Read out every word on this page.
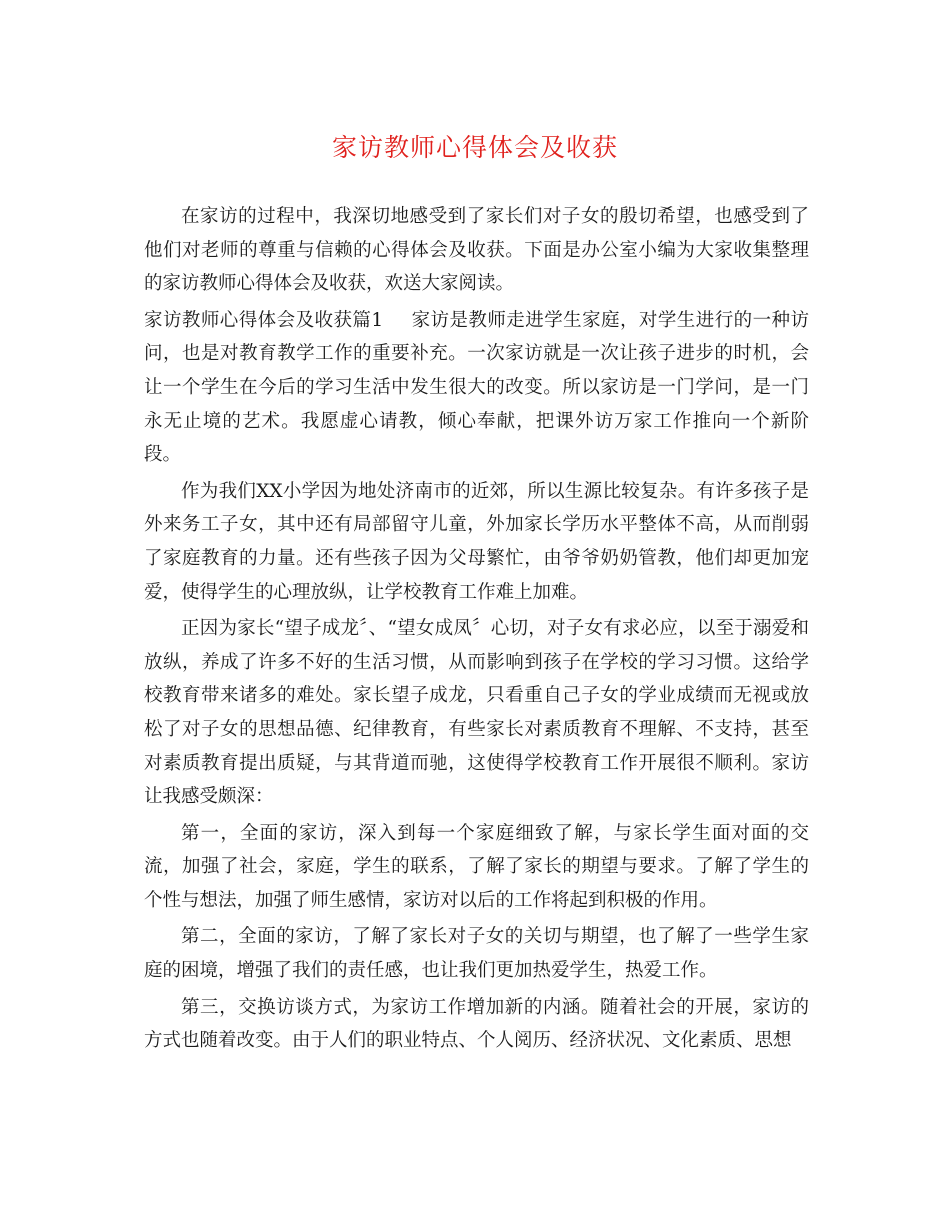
家访教师心得体会及收获

在家访的过程中，我深切地感受到了家长们对子女的殷切希望，也感受到了他们对老师的尊重与信赖的心得体会及收获。下面是办公室小编为大家收集整理的家访教师心得体会及收获，欢送大家阅读。

家访教师心得体会及收获篇1 家访是教师走进学生家庭，对学生进行的一种访问，也是对教育教学工作的重要补充。一次家访就是一次让孩子进步的时机，会让一个学生在今后的学习生活中发生很大的改变。所以家访是一门学问，是一门永无止境的艺术。我愿虚心请教，倾心奉献，把课外访万家工作推向一个新阶段。

作为我们XX小学因为地处济南市的近郊，所以生源比较复杂。有许多孩子是外来务工子女，其中还有局部留守儿童，外加家长学历水平整体不高，从而削弱了家庭教育的力量。还有些孩子因为父母繁忙，由爷爷奶奶管教，他们却更加宠爱，使得学生的心理放纵，让学校教育工作难上加难。

正因为家长“望子成龙〞、“望女成凤〞心切，对子女有求必应，以至于溺爱和放纵，养成了许多不好的生活习惯，从而影响到孩子在学校的学习习惯。这给学校教育带来诸多的难处。家长望子成龙，只看重自己子女的学业成绩而无视或放松了对子女的思想品德、纪律教育，有些家长对素质教育不理解、不支持，甚至对素质教育提出质疑，与其背道而驰，这使得学校教育工作开展很不顺利。家访让我感受颇深：

第一，全面的家访，深入到每一个家庭细致了解，与家长学生面对面的交流，加强了社会，家庭，学生的联系，了解了家长的期望与要求。了解了学生的个性与想法，加强了师生感情，家访对以后的工作将起到积极的作用。

第二，全面的家访，了解了家长对子女的关切与期望，也了解了一些学生家庭的困境，增强了我们的责任感，也让我们更加热爱学生，热爱工作。

第三，交换访谈方式，为家访工作增加新的内涵。随着社会的开展，家访的方式也随着改变。由于人们的职业特点、个人阅历、经济状况、文化素质、思想
